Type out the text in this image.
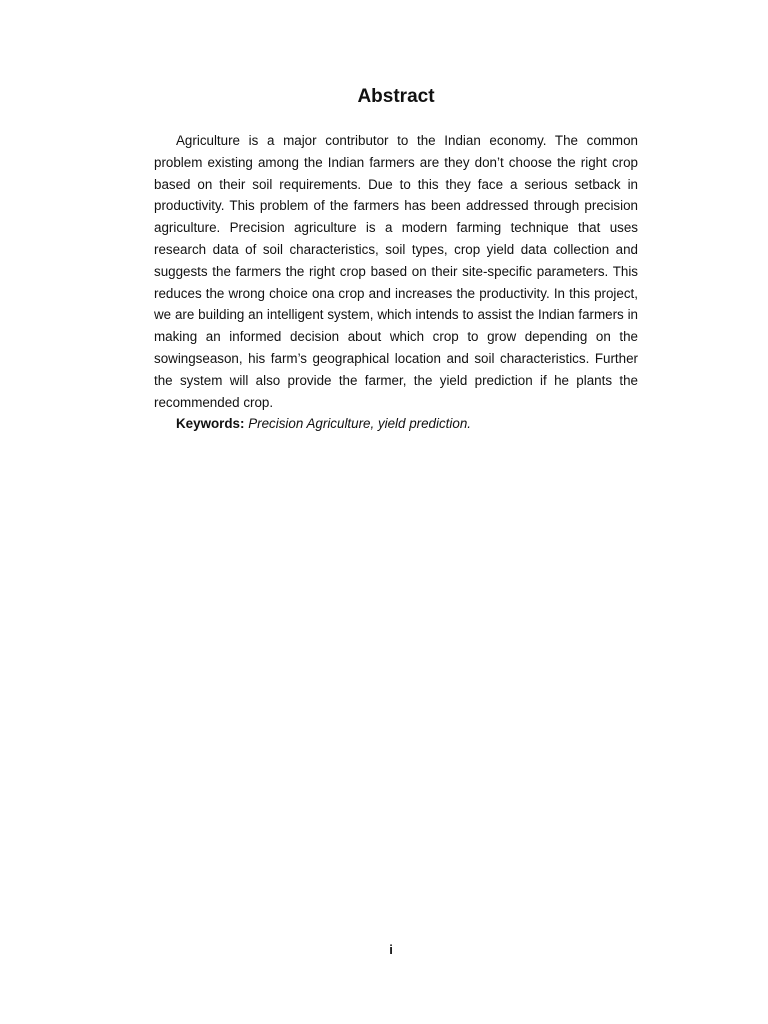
Abstract

Agriculture is a major contributor to the Indian economy. The common problem existing among the Indian farmers are they don’t choose the right crop based on their soil requirements. Due to this they face a serious setback in productivity. This problem of the farmers has been addressed through precision agriculture. Precision agriculture is a modern farming technique that uses research data of soil characteristics, soil types, crop yield data collection and suggests the farmers the right crop based on their site-specific parameters. This reduces the wrong choice ona crop and increases the productivity. In this project, we are building an intelligent system, which intends to assist the Indian farmers in making an informed decision about which crop to grow depending on the sowingseason, his farm’s geographical location and soil characteristics. Further the system will also provide the farmer, the yield prediction if he plants the recommended crop.

Keywords: Precision Agriculture, yield prediction.

i
